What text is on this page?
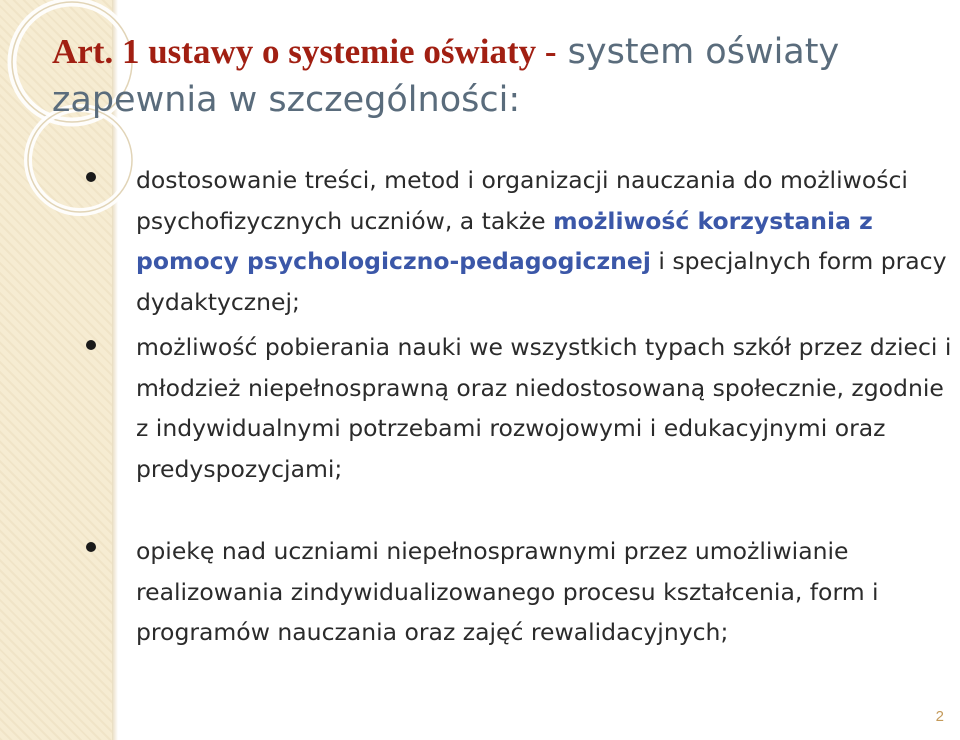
Art. 1 ustawy o systemie oświaty - system oświaty zapewnia w szczególności:
dostosowanie treści, metod i organizacji nauczania do możliwości psychofizycznych uczniów, a także możliwość korzystania z pomocy psychologiczno-pedagogicznej i specjalnych form pracy dydaktycznej;
możliwość pobierania nauki we wszystkich typach szkół przez dzieci i młodzież niepełnosprawną oraz niedostosowaną społecznie, zgodnie z indywidualnymi potrzebami rozwojowymi i edukacyjnymi oraz predyspozycjami;
opiekę nad uczniami niepełnosprawnymi przez umożliwianie realizowania zindywidualizowanego procesu kształcenia, form i programów nauczania oraz zajęć rewalidacyjnych;
2
